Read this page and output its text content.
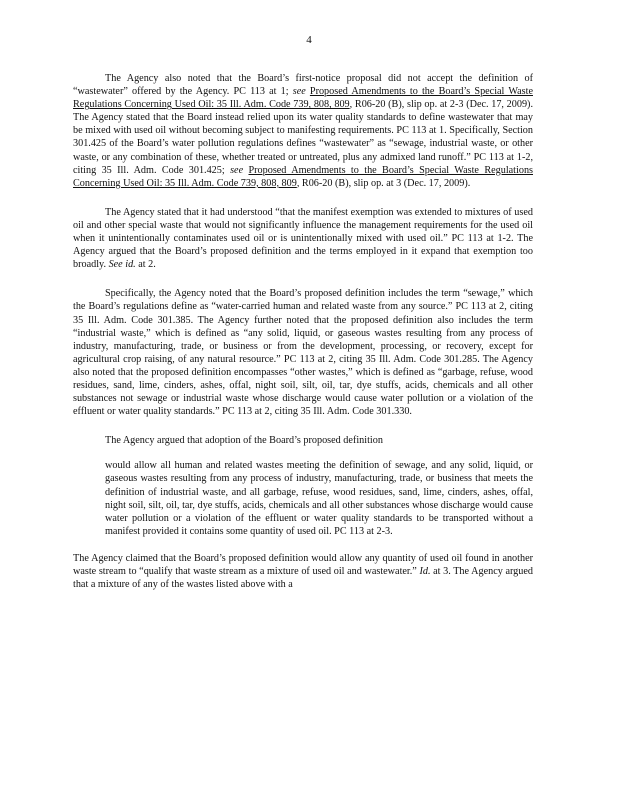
4

The Agency also noted that the Board’s first-notice proposal did not accept the definition of “wastewater” offered by the Agency. PC 113 at 1; see Proposed Amendments to the Board’s Special Waste Regulations Concerning Used Oil: 35 Ill. Adm. Code 739, 808, 809, R06-20 (B), slip op. at 2-3 (Dec. 17, 2009). The Agency stated that the Board instead relied upon its water quality standards to define wastewater that may be mixed with used oil without becoming subject to manifesting requirements. PC 113 at 1. Specifically, Section 301.425 of the Board’s water pollution regulations defines “wastewater” as “sewage, industrial waste, or other waste, or any combination of these, whether treated or untreated, plus any admixed land runoff.” PC 113 at 1-2, citing 35 Ill. Adm. Code 301.425; see Proposed Amendments to the Board’s Special Waste Regulations Concerning Used Oil: 35 Ill. Adm. Code 739, 808, 809, R06-20 (B), slip op. at 3 (Dec. 17, 2009).

The Agency stated that it had understood “that the manifest exemption was extended to mixtures of used oil and other special waste that would not significantly influence the management requirements for the used oil when it unintentionally contaminates used oil or is unintentionally mixed with used oil.” PC 113 at 1-2. The Agency argued that the Board’s proposed definition and the terms employed in it expand that exemption too broadly. See id. at 2.

Specifically, the Agency noted that the Board’s proposed definition includes the term “sewage,” which the Board’s regulations define as “water-carried human and related waste from any source.” PC 113 at 2, citing 35 Ill. Adm. Code 301.385. The Agency further noted that the proposed definition also includes the term “industrial waste,” which is defined as “any solid, liquid, or gaseous wastes resulting from any process of industry, manufacturing, trade, or business or from the development, processing, or recovery, except for agricultural crop raising, of any natural resource.” PC 113 at 2, citing 35 Ill. Adm. Code 301.285. The Agency also noted that the proposed definition encompasses “other wastes,” which is defined as “garbage, refuse, wood residues, sand, lime, cinders, ashes, offal, night soil, silt, oil, tar, dye stuffs, acids, chemicals and all other substances not sewage or industrial waste whose discharge would cause water pollution or a violation of the effluent or water quality standards.” PC 113 at 2, citing 35 Ill. Adm. Code 301.330.

The Agency argued that adoption of the Board’s proposed definition

would allow all human and related wastes meeting the definition of sewage, and any solid, liquid, or gaseous wastes resulting from any process of industry, manufacturing, trade, or business that meets the definition of industrial waste, and all garbage, refuse, wood residues, sand, lime, cinders, ashes, offal, night soil, silt, oil, tar, dye stuffs, acids, chemicals and all other substances whose discharge would cause water pollution or a violation of the effluent or water quality standards to be transported without a manifest provided it contains some quantity of used oil. PC 113 at 2-3.

The Agency claimed that the Board’s proposed definition would allow any quantity of used oil found in another waste stream to “qualify that waste stream as a mixture of used oil and wastewater.” Id. at 3. The Agency argued that a mixture of any of the wastes listed above with a
